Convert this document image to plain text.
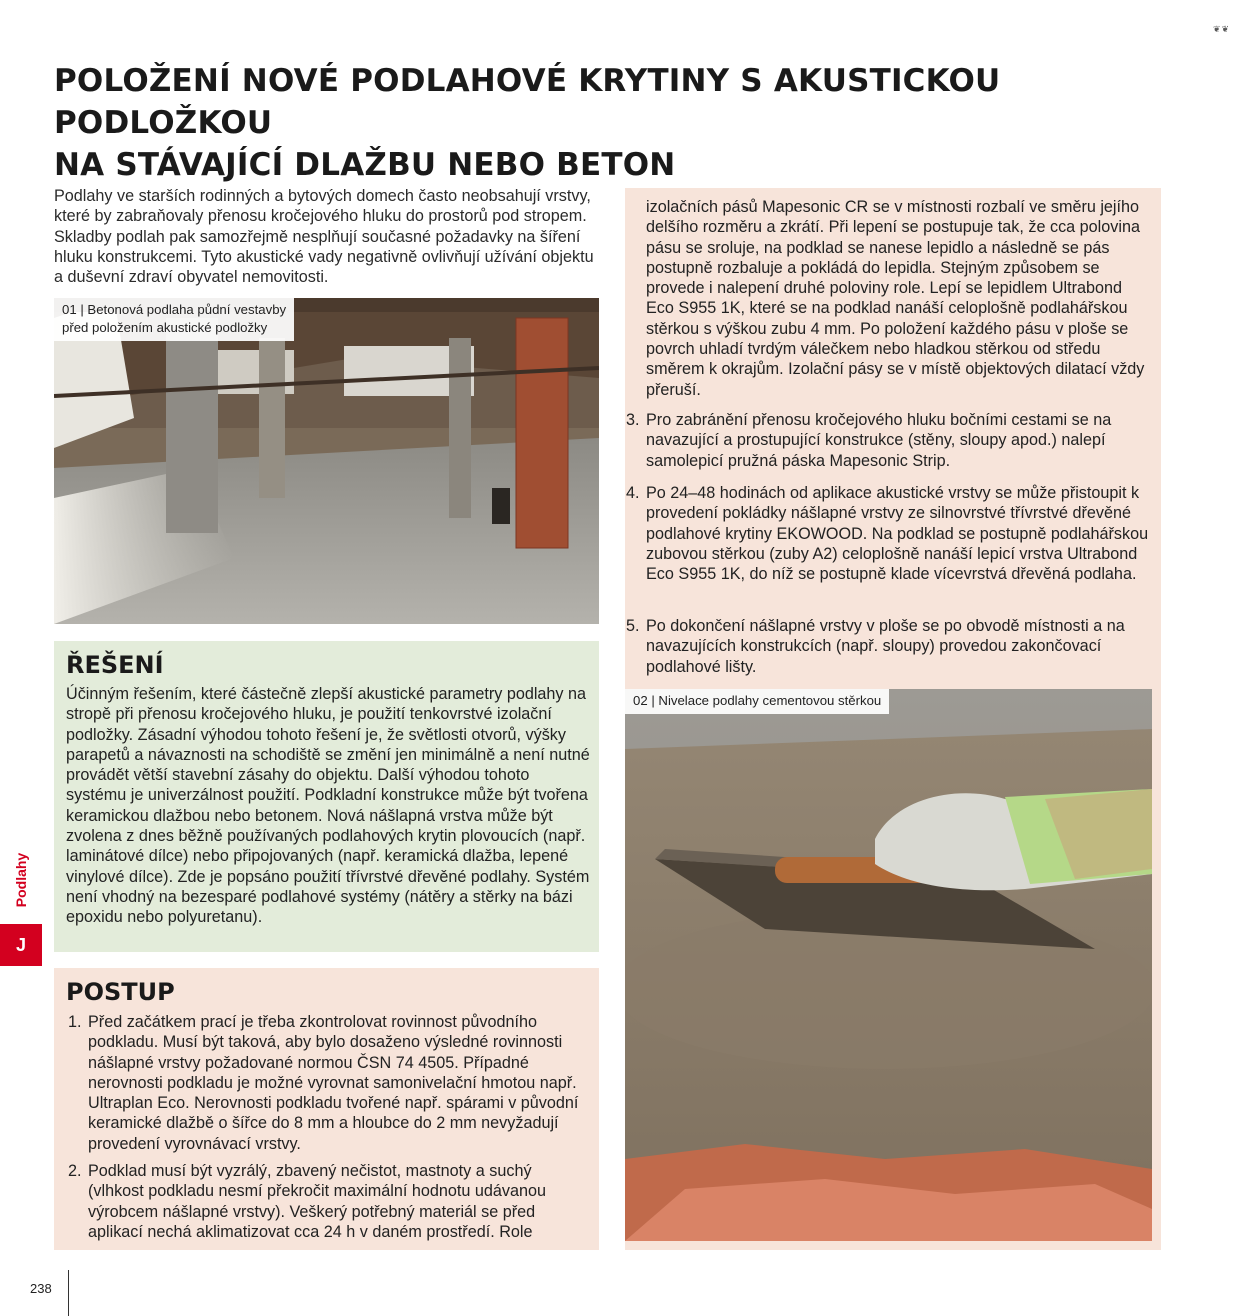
❦❦
POLOŽENÍ NOVÉ PODLAHOVÉ KRYTINY S AKUSTICKOU PODLOŽKOU
NA STÁVAJÍCÍ DLAŽBU NEBO BETON

Podlahy ve starších rodinných a bytových domech často neobsahují vrstvy, které by zabraňovaly přenosu kročejového hluku do prostorů pod stropem. Skladby podlah pak samozřejmě nesplňují současné požadavky na šíření hluku konstrukcemi. Tyto akustické vady negativně ovlivňují užívání objektu a duševní zdraví obyvatel nemovitosti.

01 | Betonová podlaha půdní vestavby
před položením akustické podložky
ŘEŠENÍ

Účinným řešením, které částečně zlepší akustické parametry podlahy na stropě při přenosu kročejového hluku, je použití tenkovrstvé izolační podložky. Zásadní výhodou tohoto řešení je, že světlosti otvorů, výšky parapetů a návaznosti na schodiště se změní jen minimálně a není nutné provádět větší stavební zásahy do objektu. Další výhodou tohoto systému je univerzálnost použití. Podkladní konstrukce může být tvořena keramickou dlažbou nebo betonem. Nová nášlapná vrstva může být zvolena z dnes běžně používaných podlahových krytin plovoucích (např. laminátové dílce) nebo připojovaných (např. keramická dlažba, lepené vinylové dílce). Zde je popsáno použití třívrstvé dřevěné podlahy. Systém není vhodný na bezesparé podlahové systémy (nátěry a stěrky na bázi epoxidu nebo polyuretanu).

POSTUP
1. Před začátkem prací je třeba zkontrolovat rovinnost původního podkladu. Musí být taková, aby bylo dosaženo výsledné rovinnosti nášlapné vrstvy požadované normou ČSN 74 4505. Případné nerovnosti podkladu je možné vyrovnat samonivelační hmotou např. Ultraplan Eco. Nerovnosti podkladu tvořené např. spárami v původní keramické dlažbě o šířce do 8 mm a hloubce do 2 mm nevyžadují provedení vyrovnávací vrstvy.
2. Podklad musí být vyzrálý, zbavený nečistot, mastnoty a suchý (vlhkost podkladu nesmí překročit maximální hodnotu udávanou výrobcem nášlapné vrstvy). Veškerý potřebný materiál se před aplikací nechá aklimatizovat cca 24 h v daném prostředí. Role
izolačních pásů Mapesonic CR se v místnosti rozbalí ve směru jejího delšího rozměru a zkrátí. Při lepení se postupuje tak, že cca polovina pásu se sroluje, na podklad se nanese lepidlo a následně se pás postupně rozbaluje a pokládá do lepidla. Stejným způsobem se provede i nalepení druhé poloviny role. Lepí se lepidlem Ultrabond Eco S955 1K, které se na podklad nanáší celoplošně podlahářskou stěrkou s výškou zubu 4 mm. Po položení každého pásu v ploše se povrch uhladí tvrdým válečkem nebo hladkou stěrkou od středu směrem k okrajům. Izolační pásy se v místě objektových dilatací vždy přeruší.
3. Pro zabránění přenosu kročejového hluku bočními cestami se na navazující a prostupující konstrukce (stěny, sloupy apod.) nalepí samolepicí pružná páska Mapesonic Strip.
4. Po 24–48 hodinách od aplikace akustické vrstvy se může přistoupit k provedení pokládky nášlapné vrstvy ze silnovrstvé třívrstvé dřevěné podlahové krytiny EKOWOOD. Na podklad se postupně podlahářskou zubovou stěrkou (zuby A2) celoplošně nanáší lepicí vrstva Ultrabond Eco S955 1K, do níž se postupně klade vícevrstvá dřevěná podlaha.
5. Po dokončení nášlapné vrstvy v ploše se po obvodě místnosti a na navazujících konstrukcích (např. sloupy) provedou zakončovací podlahové lišty.
02 | Nivelace podlahy cementovou stěrkou
Podlahy
J
238
